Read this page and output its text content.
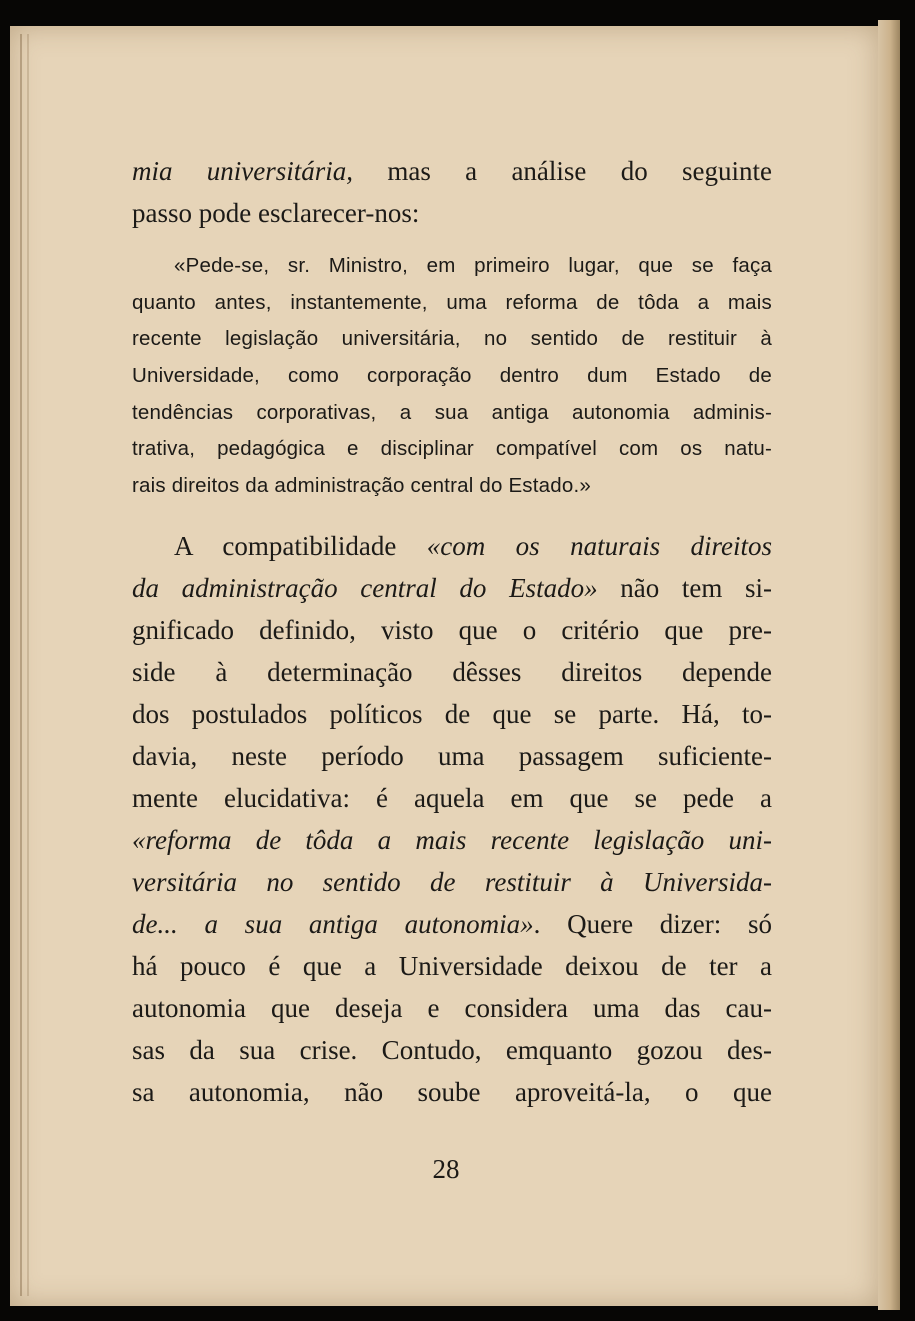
mia universitária, mas a análise do seguinte
passo pode esclarecer-nos:
«Pede-se, sr. Ministro, em primeiro lugar, que se faça
quanto antes, instantemente, uma reforma de tôda a mais
recente legislação universitária, no sentido de restituir à
Universidade, como corporação dentro dum Estado de
tendências corporativas, a sua antiga autonomia adminis-
trativa, pedagógica e disciplinar compatível com os natu-
rais direitos da administração central do Estado.»
A compatibilidade «com os naturais direitos
da administração central do Estado» não tem si-
gnificado definido, visto que o critério que pre-
side à determinação dêsses direitos depende
dos postulados políticos de que se parte. Há, to-
davia, neste período uma passagem suficiente-
mente elucidativa: é aquela em que se pede a
«reforma de tôda a mais recente legislação uni-
versitária no sentido de restituir à Universida-
de... a sua antiga autonomia». Quere dizer: só
há pouco é que a Universidade deixou de ter a
autonomia que deseja e considera uma das cau-
sas da sua crise. Contudo, emquanto gozou des-
sa autonomia, não soube aproveitá-la, o que
28
